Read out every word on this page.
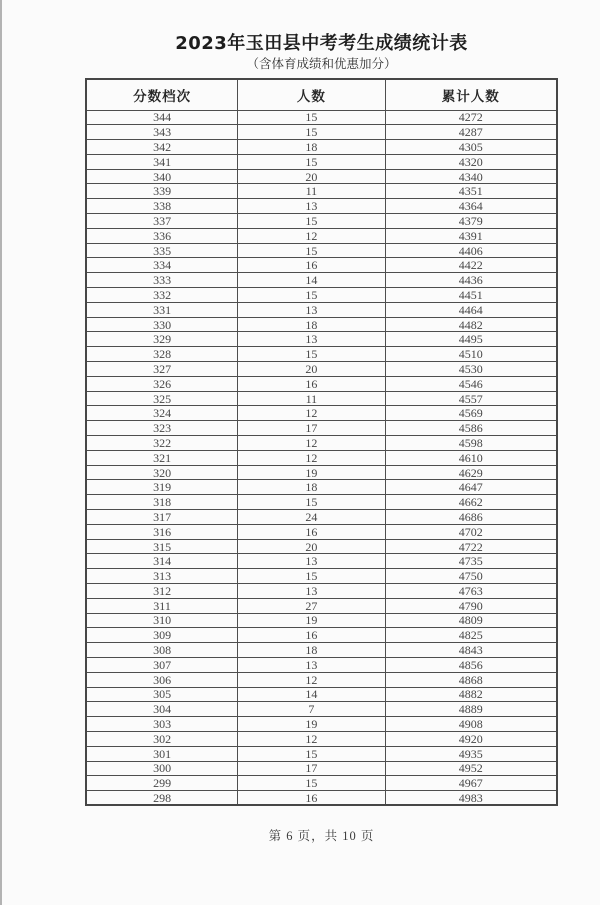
2023年玉田县中考考生成绩统计表
（含体育成绩和优惠加分）
分数档次	人数	累计人数
344	15	4272
343	15	4287
342	18	4305
341	15	4320
340	20	4340
339	11	4351
338	13	4364
337	15	4379
336	12	4391
335	15	4406
334	16	4422
333	14	4436
332	15	4451
331	13	4464
330	18	4482
329	13	4495
328	15	4510
327	20	4530
326	16	4546
325	11	4557
324	12	4569
323	17	4586
322	12	4598
321	12	4610
320	19	4629
319	18	4647
318	15	4662
317	24	4686
316	16	4702
315	20	4722
314	13	4735
313	15	4750
312	13	4763
311	27	4790
310	19	4809
309	16	4825
308	18	4843
307	13	4856
306	12	4868
305	14	4882
304	7	4889
303	19	4908
302	12	4920
301	15	4935
300	17	4952
299	15	4967
298	16	4983
第 6 页，共 10 页
